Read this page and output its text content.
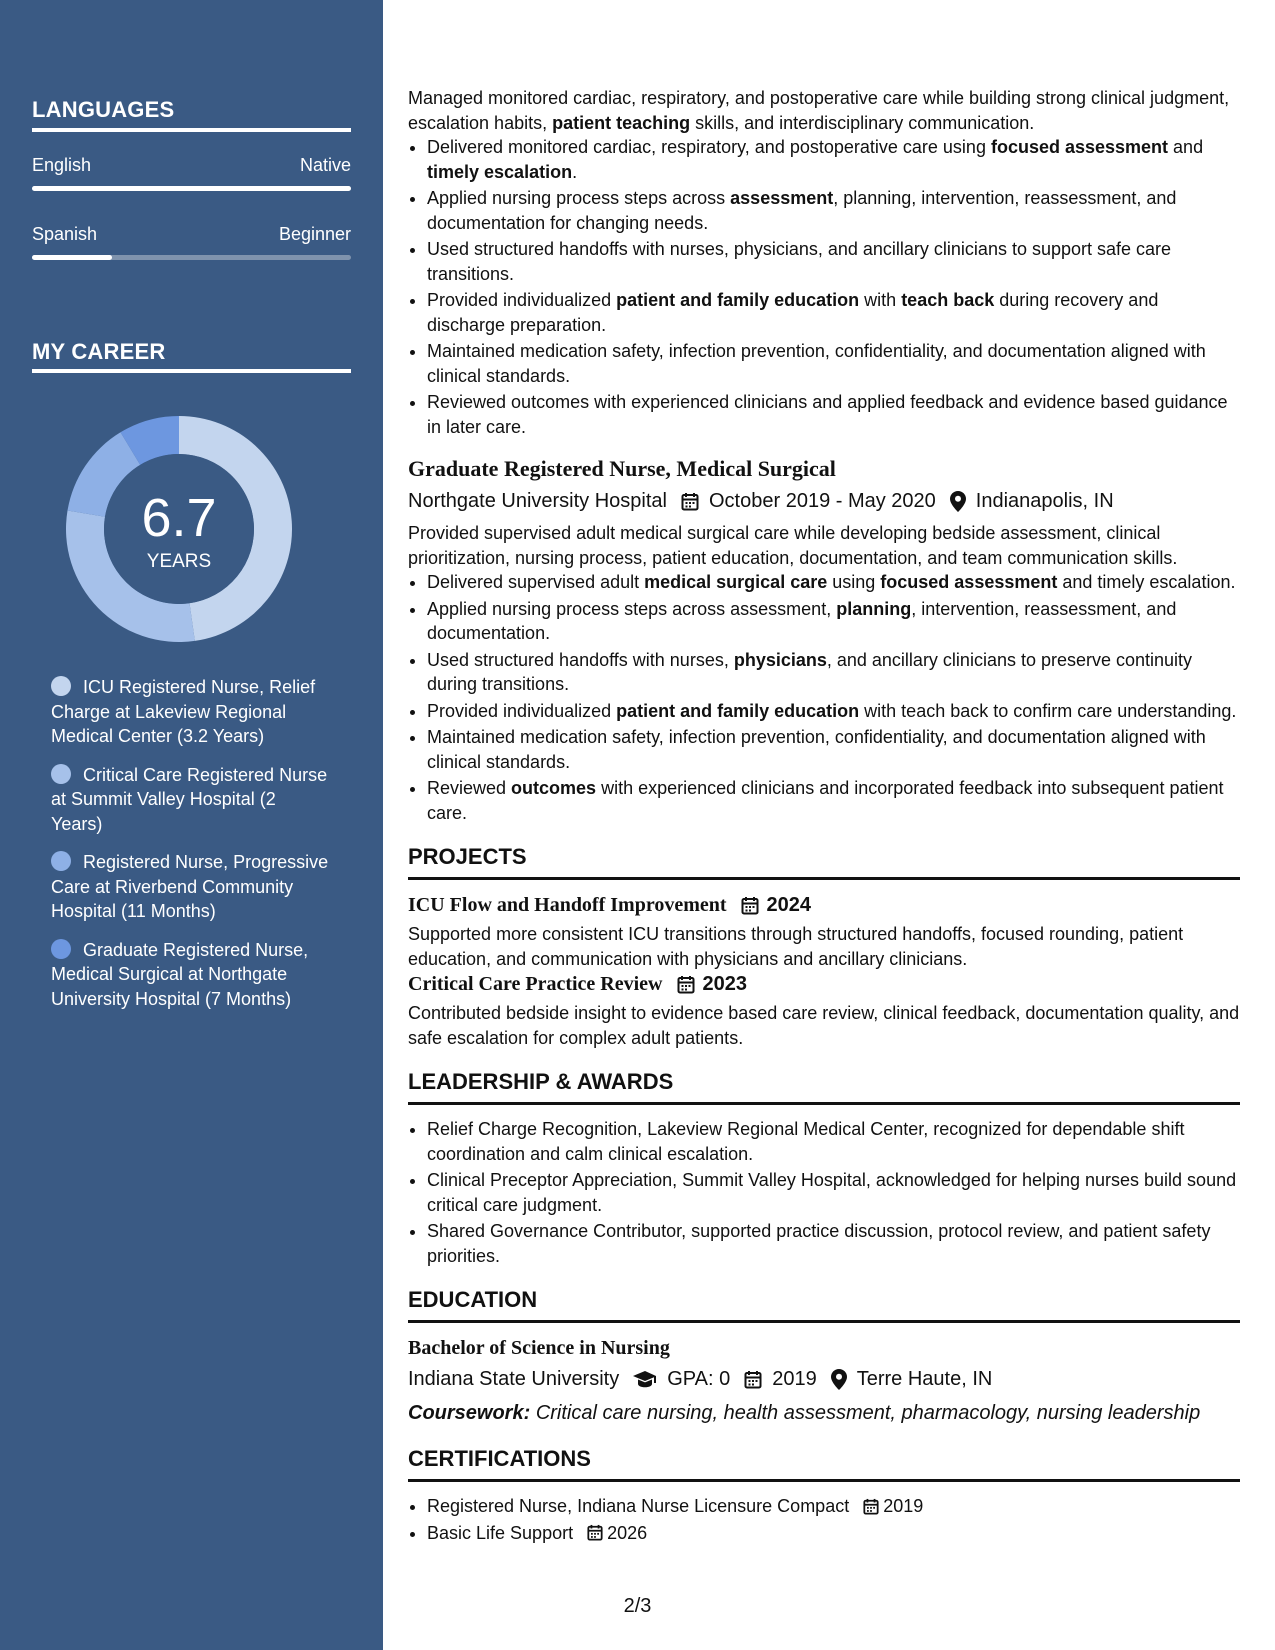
LANGUAGES
English	Native
Spanish	Beginner
MY CAREER
6.7
YEARS
ICU Registered Nurse, Relief Charge at Lakeview Regional Medical Center (3.2 Years)
Critical Care Registered Nurse at Summit Valley Hospital (2 Years)
Registered Nurse, Progressive Care at Riverbend Community Hospital (11 Months)
Graduate Registered Nurse, Medical Surgical at Northgate University Hospital (7 Months)

Managed monitored cardiac, respiratory, and postoperative care while building strong clinical judgment, escalation habits, patient teaching skills, and interdisciplinary communication.

• Delivered monitored cardiac, respiratory, and postoperative care using focused assessment and timely escalation.
• Applied nursing process steps across assessment, planning, intervention, reassessment, and documentation for changing needs.
• Used structured handoffs with nurses, physicians, and ancillary clinicians to support safe care transitions.
• Provided individualized patient and family education with teach back during recovery and discharge preparation.
• Maintained medication safety, infection prevention, confidentiality, and documentation aligned with clinical standards.
• Reviewed outcomes with experienced clinicians and applied feedback and evidence based guidance in later care.
Graduate Registered Nurse, Medical Surgical
Northgate University Hospital October 2019 - May 2020 Indianapolis, IN

Provided supervised adult medical surgical care while developing bedside assessment, clinical prioritization, nursing process, patient education, documentation, and team communication skills.

• Delivered supervised adult medical surgical care using focused assessment and timely escalation.
• Applied nursing process steps across assessment, planning, intervention, reassessment, and documentation.
• Used structured handoffs with nurses, physicians, and ancillary clinicians to preserve continuity during transitions.
• Provided individualized patient and family education with teach back to confirm care understanding.
• Maintained medication safety, infection prevention, confidentiality, and documentation aligned with clinical standards.
• Reviewed outcomes with experienced clinicians and incorporated feedback into subsequent patient care.
PROJECTS
ICU Flow and Handoff Improvement 2024

Supported more consistent ICU transitions through structured handoffs, focused rounding, patient education, and communication with physicians and ancillary clinicians.

Critical Care Practice Review 2023

Contributed bedside insight to evidence based care review, clinical feedback, documentation quality, and safe escalation for complex adult patients.

LEADERSHIP & AWARDS
• Relief Charge Recognition, Lakeview Regional Medical Center, recognized for dependable shift coordination and calm clinical escalation.
• Clinical Preceptor Appreciation, Summit Valley Hospital, acknowledged for helping nurses build sound critical care judgment.
• Shared Governance Contributor, supported practice discussion, protocol review, and patient safety priorities.
EDUCATION
Bachelor of Science in Nursing
Indiana State University GPA: 0 2019 Terre Haute, IN
Coursework: Critical care nursing, health assessment, pharmacology, nursing leadership
CERTIFICATIONS
• Registered Nurse, Indiana Nurse Licensure Compact 2019
• Basic Life Support 2026
2/3
